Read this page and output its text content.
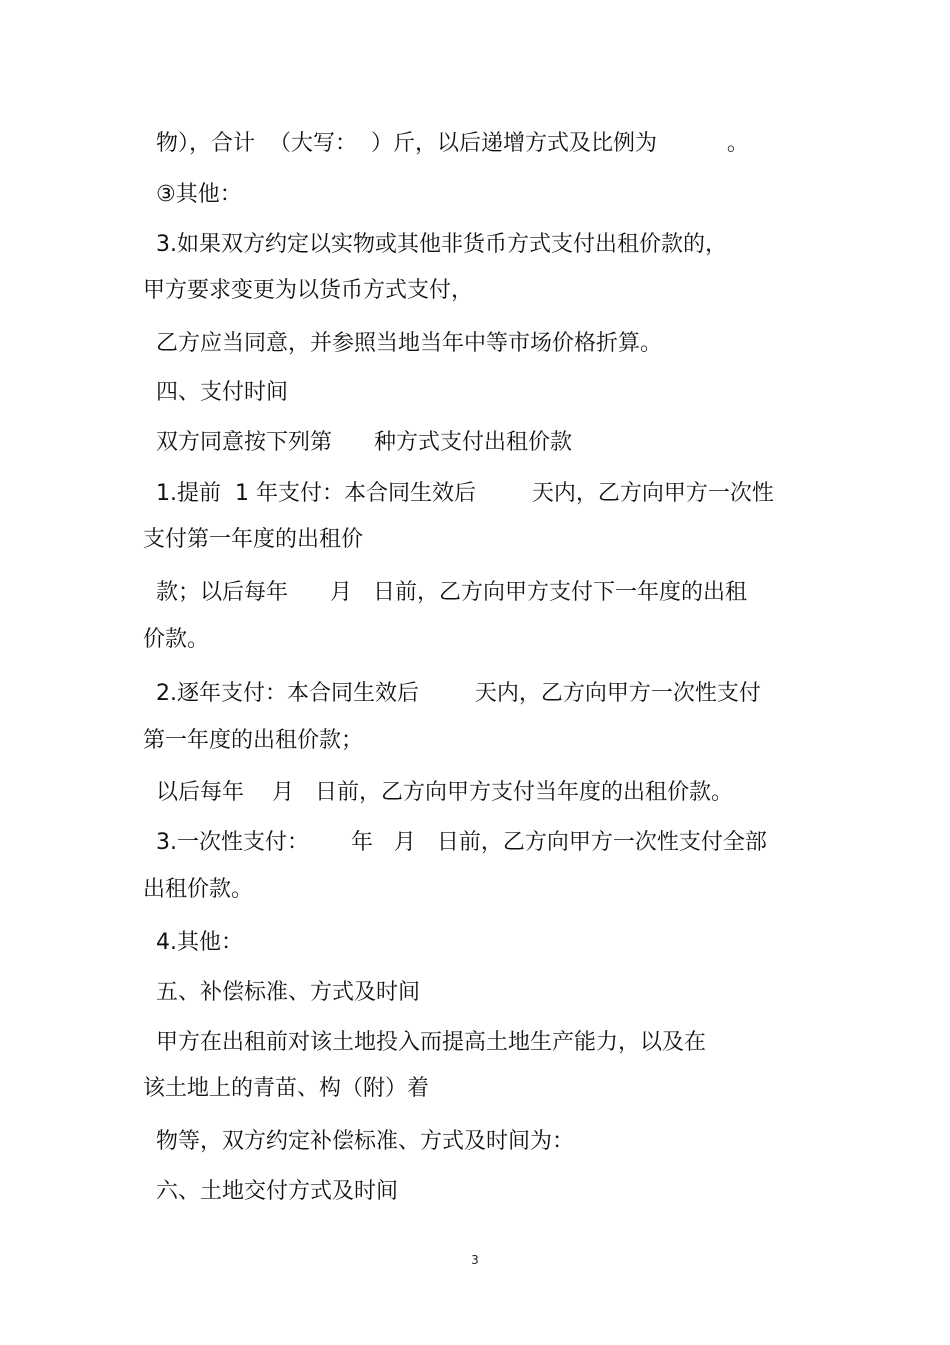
物），合计  （大写：  ）斤，以后递增方式及比例为          。

③其他：

3.如果双方约定以实物或其他非货币方式支付出租价款的，

甲方要求变更为以货币方式支付，

乙方应当同意，并参照当地当年中等市场价格折算。

四、支付时间

双方同意按下列第      种方式支付出租价款

1.提前  1 年支付：本合同生效后        天内，乙方向甲方一次性

支付第一年度的出租价

款；以后每年      月   日前，乙方向甲方支付下一年度的出租

价款。

2.逐年支付：本合同生效后        天内，乙方向甲方一次性支付

第一年度的出租价款；

以后每年    月   日前，乙方向甲方支付当年度的出租价款。

3.一次性支付：      年   月   日前，乙方向甲方一次性支付全部

出租价款。

4.其他：

五、补偿标准、方式及时间

甲方在出租前对该土地投入而提高土地生产能力，以及在

该土地上的青苗、构（附）着

物等，双方约定补偿标准、方式及时间为：

六、土地交付方式及时间

3
